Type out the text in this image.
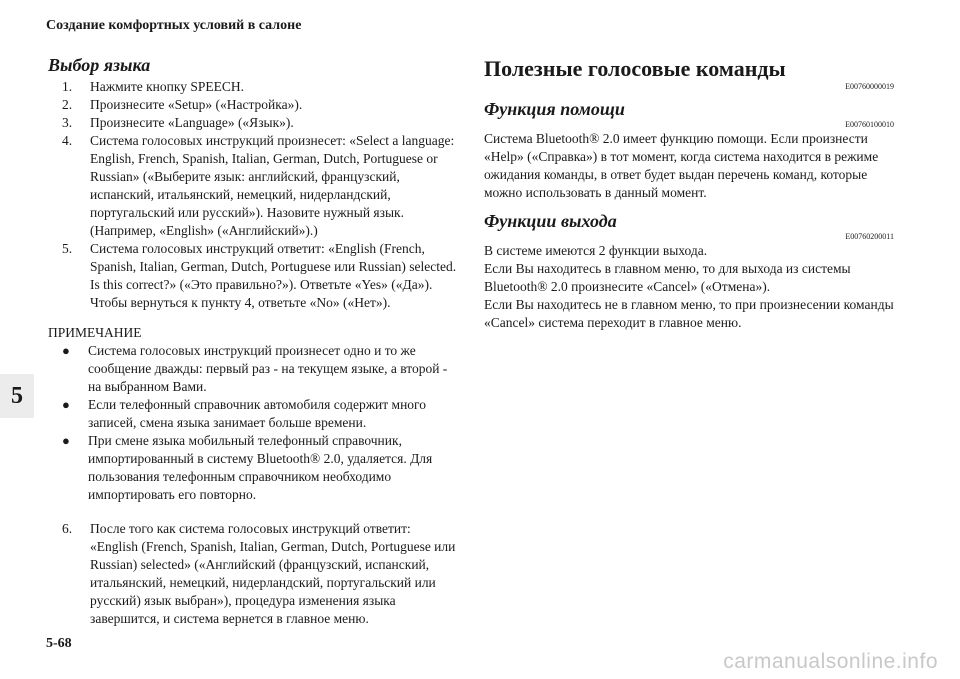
Создание комфортных условий в салоне
5
Выбор языка
1.	Нажмите кнопку SPEECH.
2.	Произнесите «Setup» («Настройка»).
3.	Произнесите «Language» («Язык»).
4.	Система голосовых инструкций произнесет: «Select a language: English, French, Spanish, Italian, German, Dutch, Portuguese or Russian» («Выберите язык: английский, французский, испанский, итальянский, немецкий, нидерландский, португальский или русский»). Назовите нужный язык. (Например, «English» («Английский»).)
5.	Система голосовых инструкций ответит: «English (French, Spanish, Italian, German, Dutch, Portuguese или Russian) selected. Is this correct?» («Это правильно?»). Ответьте «Yes» («Да»). Чтобы вернуться к пункту 4, ответьте «No» («Нет»).
ПРИМЕЧАНИЕ
●	Система голосовых инструкций произнесет одно и то же сообщение дважды: первый раз - на текущем языке, а второй - на выбранном Вами.
●	Если телефонный справочник автомобиля содержит много записей, смена языка занимает больше времени.
●	При смене языка мобильный телефонный справочник, импортированный в систему Bluetooth® 2.0, удаляется. Для пользования телефонным справочником необходимо импортировать его повторно.
6.	После того как система голосовых инструкций ответит: «English (French, Spanish, Italian, German, Dutch, Portuguese или Russian) selected» («Английский (французский, испанский, итальянский, немецкий, нидерландский, португальский или русский) язык выбран»), процедура изменения языка завершится, и система вернется в главное меню.
Полезные голосовые команды
E00760000019
Функция помощи
E00760100010
Система Bluetooth® 2.0 имеет функцию помощи. Если произнести «Help» («Справка») в тот момент, когда система находится в режиме ожидания команды, в ответ будет выдан перечень команд, которые можно использовать в данный момент.
Функции выхода
E00760200011
В системе имеются 2 функции выхода.
Если Вы находитесь в главном меню, то для выхода из системы Bluetooth® 2.0 произнесите «Cancel» («Отмена»).
Если Вы находитесь не в главном меню, то при произнесении команды «Cancel» система переходит в главное меню.
5-68
carmanualsonline.info
